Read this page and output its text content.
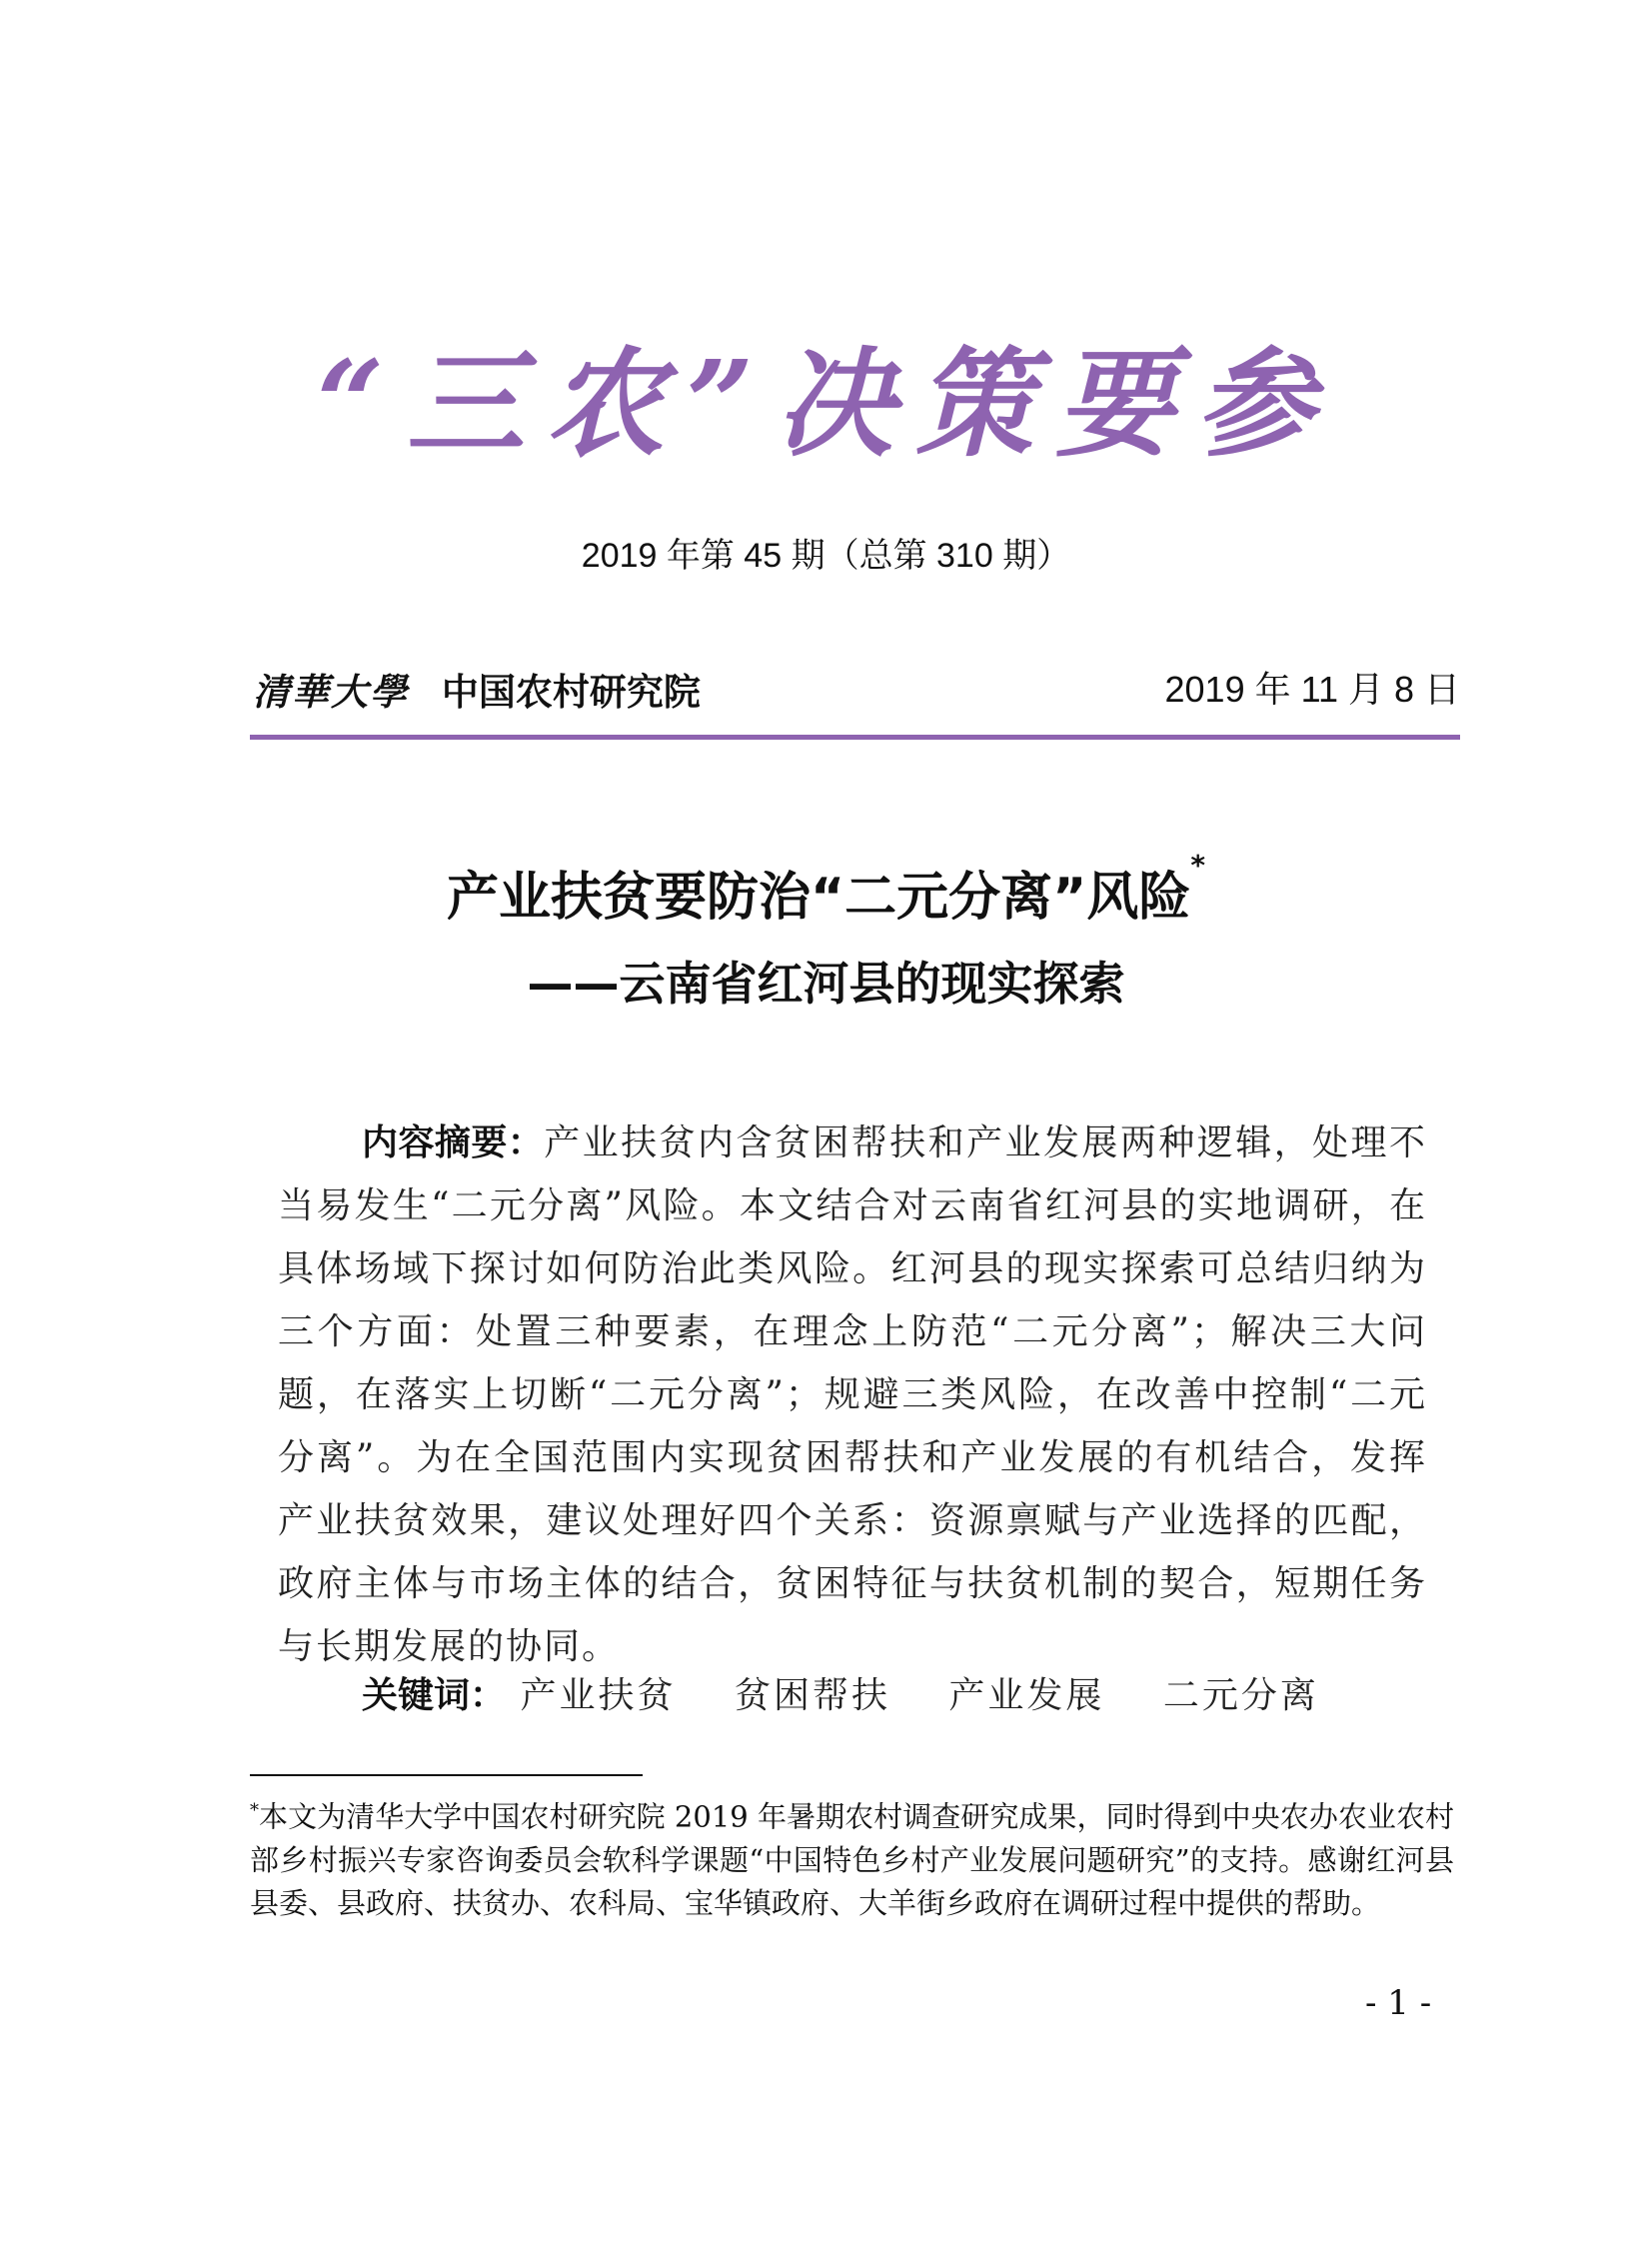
“三农”决策要参
2019 年第 45 期（总第 310 期）
清華大學 中国农村研究院	2019 年 11 月 8 日
产业扶贫要防治“二元分离”风险*
——云南省红河县的现实探索
内容摘要：产业扶贫内含贫困帮扶和产业发展两种逻辑，处理不当易发生“二元分离”风险。本文结合对云南省红河县的实地调研，在具体场域下探讨如何防治此类风险。红河县的现实探索可总结归纳为三个方面：处置三种要素，在理念上防范“二元分离”；解决三大问题，在落实上切断“二元分离”；规避三类风险，在改善中控制“二元分离”。为在全国范围内实现贫困帮扶和产业发展的有机结合，发挥产业扶贫效果，建议处理好四个关系：资源禀赋与产业选择的匹配，政府主体与市场主体的结合，贫困特征与扶贫机制的契合，短期任务与长期发展的协同。
关键词： 产业扶贫 贫困帮扶 产业发展 二元分离
*本文为清华大学中国农村研究院 2019 年暑期农村调查研究成果，同时得到中央农办农业农村部乡村振兴专家咨询委员会软科学课题“中国特色乡村产业发展问题研究”的支持。感谢红河县县委、县政府、扶贫办、农科局、宝华镇政府、大羊街乡政府在调研过程中提供的帮助。
- 1 -
